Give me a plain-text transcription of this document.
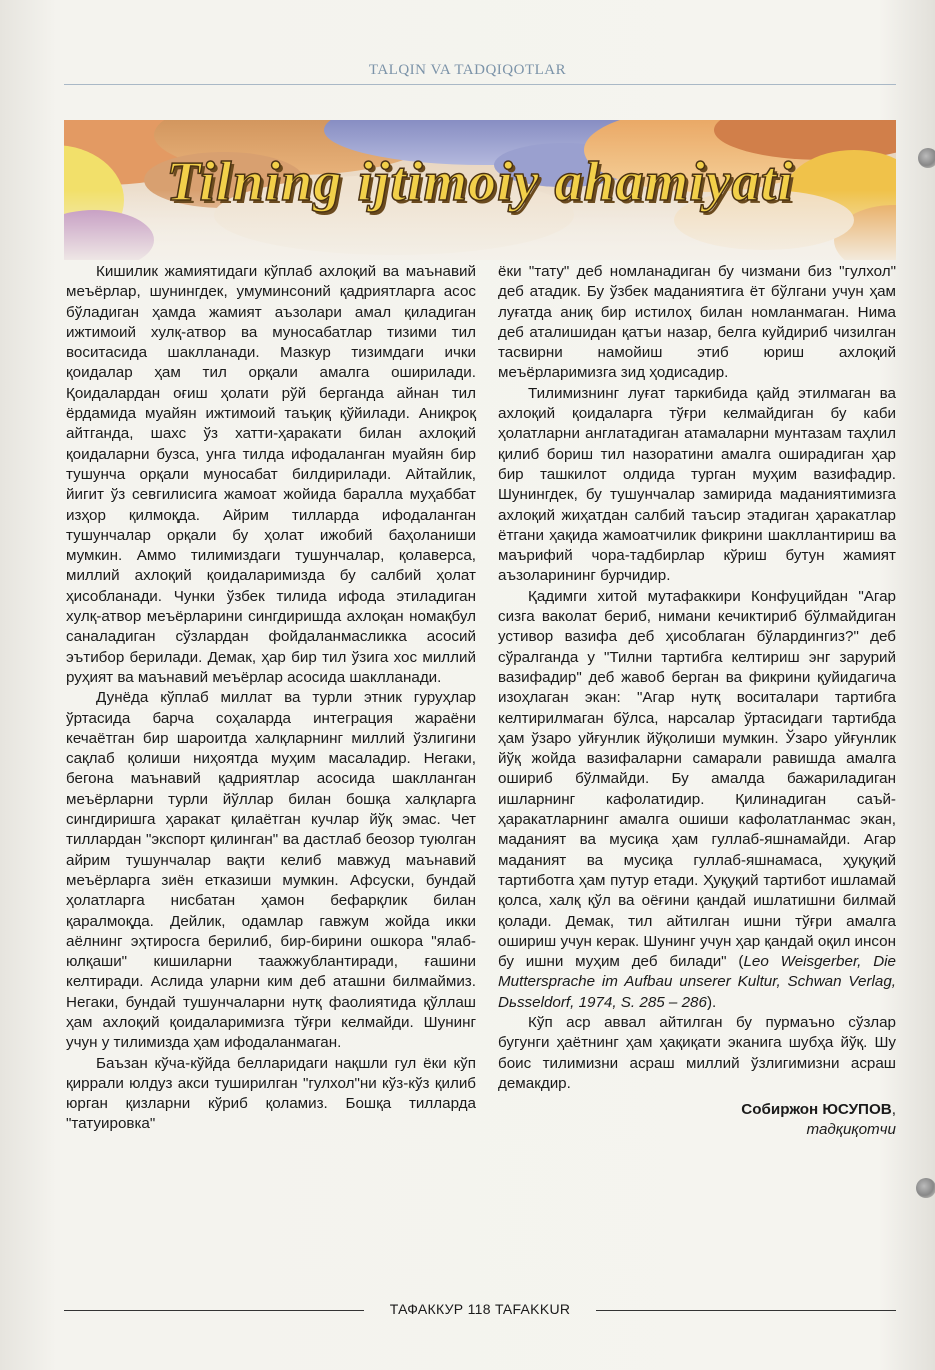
TALQIN VA TADQIQOTLAR
Tilning ijtimoiy ahamiyati

Кишилик жамиятидаги кўплаб ахлоқий ва маънавий меъёрлар, шунингдек, умуминсоний қадриятларга асос бўладиган ҳамда жамият аъзолари амал қиладиган ижтимоий хулқ-атвор ва муносабатлар тизими тил воситасида шаклланади. Мазкур тизимдаги ички қоидалар ҳам тил орқали амалга оширилади. Қоидалардан оғиш ҳолати рўй берганда айнан тил ёрдамида муайян ижтимоий таъқиқ қўйилади. Аниқроқ айтганда, шахс ўз хатти-ҳаракати билан ахлоқий қоидаларни бузса, унга тилда ифодаланган муайян бир тушунча орқали муносабат билдирилади. Айтайлик, йигит ўз севгилисига жамоат жойида баралла муҳаббат изҳор қилмоқда. Айрим тилларда ифодаланган тушунчалар орқали бу ҳолат ижобий баҳоланиши мумкин. Аммо тилимиздаги тушунчалар, қолаверса, миллий ахлоқий қоидаларимизда бу салбий ҳолат ҳисобланади. Чунки ўзбек тилида ифода этиладиган хулқ-атвор меъёрларини сингдиришда ахлоқан номақбул саналадиган сўзлардан фойдаланмасликка асосий эътибор берилади. Демак, ҳар бир тил ўзига хос миллий руҳият ва маънавий меъёрлар асосида шаклланади.

Дунёда кўплаб миллат ва турли этник гуруҳлар ўртасида барча соҳаларда интеграция жараёни кечаётган бир шароитда халқларнинг миллий ўзлигини сақлаб қолиши ниҳоятда муҳим масаладир. Негаки, бегона маънавий қадриятлар асосида шаклланган меъёрларни турли йўллар билан бошқа халқларга сингдиришга ҳаракат қилаётган кучлар йўқ эмас. Чет тиллардан "экспорт қилинган" ва дастлаб беозор туюлган айрим тушунчалар вақти келиб мавжуд маънавий меъёрларга зиён етказиши мумкин. Афсуски, бундай ҳолатларга нисбатан ҳамон бефарқлик билан қаралмоқда. Дейлик, одамлар гавжум жойда икки аёлнинг эҳтиросга берилиб, бир-бирини ошкора "ялаб-юлқаши" кишиларни таажжублантиради, ғашини келтиради. Аслида уларни ким деб аташни билмаймиз. Негаки, бундай тушунчаларни нутқ фаолиятида қўллаш ҳам ахлоқий қоидаларимизга тўғри келмайди. Шунинг учун у тилимизда ҳам ифодаланмаган.

Баъзан кўча-кўйда белларидаги нақшли гул ёки кўп қиррали юлдуз акси туширилган "гулхол"ни кўз-кўз қилиб юрган қизларни кўриб қоламиз. Бошқа тилларда "татуировка"

ёки "тату" деб номланадиган бу чизмани биз "гулхол" деб атадик. Бу ўзбек маданиятига ёт бўлгани учун ҳам луғатда аниқ бир истилоҳ билан номланмаган. Нима деб аталишидан қатъи назар, белга куйдириб чизилган тасвирни намойиш этиб юриш ахлоқий меъёрларимизга зид ҳодисадир.

Тилимизнинг луғат таркибида қайд этилмаган ва ахлоқий қоидаларга тўғри келмайдиган бу каби ҳолатларни англатадиган атамаларни мунтазам таҳлил қилиб бориш тил назоратини амалга оширадиган ҳар бир ташкилот олдида турган муҳим вазифадир. Шунингдек, бу тушунчалар замирида маданиятимизга ахлоқий жиҳатдан салбий таъсир этадиган ҳаракатлар ётгани ҳақида жамоатчилик фикрини шакллантириш ва маърифий чора-тадбирлар кўриш бутун жамият аъзоларининг бурчидир.

Қадимги хитой мутафаккири Конфуцийдан "Агар сизга ваколат бериб, нимани кечиктириб бўлмайдиган устивор вазифа деб ҳисоблаган бўлардингиз?" деб сўралганда у "Тилни тартибга келтириш энг зарурий вазифадир" деб жавоб берган ва фикрини қуйидагича изоҳлаган экан: "Агар нутқ воситалари тартибга келтирилмаган бўлса, нарсалар ўртасидаги тартибда ҳам ўзаро уйғунлик йўқолиши мумкин. Ўзаро уйғунлик йўқ жойда вазифаларни самарали равишда амалга ошириб бўлмайди. Бу амалда бажариладиган ишларнинг кафолатидир. Қилинадиган саъй-ҳаракатларнинг амалга ошиши кафолатланмас экан, маданият ва мусиқа ҳам гуллаб-яшнамайди. Агар маданият ва мусиқа гуллаб-яшнамаса, ҳуқуқий тартиботга ҳам путур етади. Ҳуқуқий тартибот ишламай қолса, халқ қўл ва оёғини қандай ишлатишни билмай қолади. Демак, тил айтилган ишни тўғри амалга ошириш учун керак. Шунинг учун ҳар қандай оқил инсон бу ишни муҳим деб билади" (Leo Weisgerber, Die Muttersprache im Aufbau unserer Kultur, Schwan Verlag, Dьsseldorf, 1974, S. 285 – 286).

Кўп аср аввал айтилган бу пурмаъно сўзлар бугунги ҳаётнинг ҳам ҳақиқати эканига шубҳа йўқ. Шу боис тилимизни асраш миллий ўзлигимизни асраш демакдир.

Собиржон ЮСУПОВ,
тадқиқотчи
ТАФАККУР 118 TAFAKKUR
